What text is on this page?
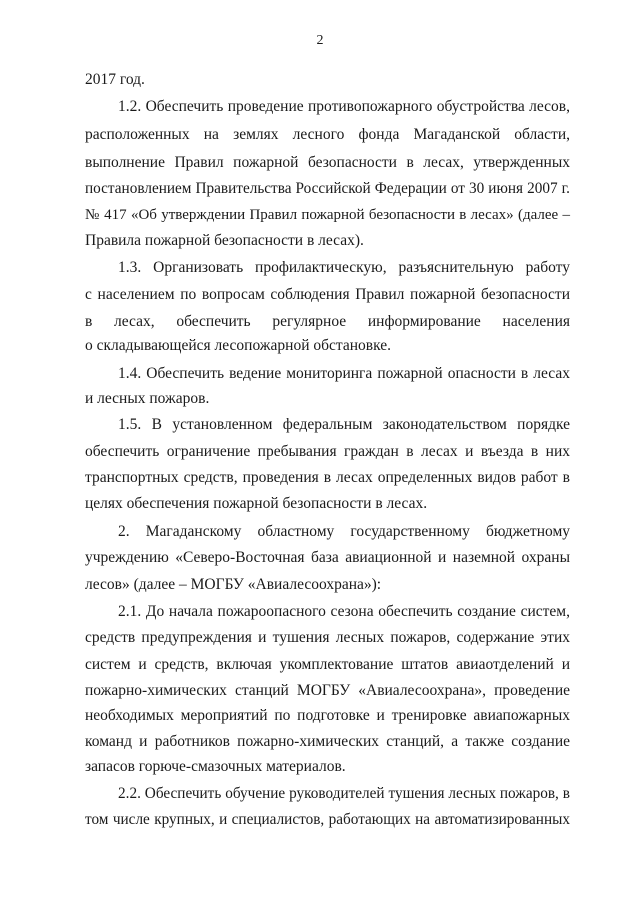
2
2017 год.
1.2. Обеспечить проведение противопожарного обустройства лесов,
расположенных на землях лесного фонда Магаданской области,
выполнение Правил пожарной безопасности в лесах, утвержденных
постановлением Правительства Российской Федерации от 30 июня 2007 г.
№ 417 «Об утверждении Правил пожарной безопасности в лесах» (далее –
Правила пожарной безопасности в лесах).
1.3. Организовать профилактическую, разъяснительную работу
с населением по вопросам соблюдения Правил пожарной безопасности
в лесах, обеспечить регулярное информирование населения
о складывающейся лесопожарной обстановке.
1.4. Обеспечить ведение мониторинга пожарной опасности в лесах
и лесных пожаров.
1.5. В установленном федеральным законодательством порядке
обеспечить ограничение пребывания граждан в лесах и въезда в них
транспортных средств, проведения в лесах определенных видов работ в
целях обеспечения пожарной безопасности в лесах.
2. Магаданскому областному государственному бюджетному
учреждению «Северо-Восточная база авиационной и наземной охраны
лесов» (далее – МОГБУ «Авиалесоохрана»):
2.1. До начала пожароопасного сезона обеспечить создание систем,
средств предупреждения и тушения лесных пожаров, содержание этих
систем и средств, включая укомплектование штатов авиаотделений и
пожарно-химических станций МОГБУ «Авиалесоохрана», проведение
необходимых мероприятий по подготовке и тренировке авиапожарных
команд и работников пожарно-химических станций, а также создание
запасов горюче-смазочных материалов.
2.2. Обеспечить обучение руководителей тушения лесных пожаров, в
том числе крупных, и специалистов, работающих на автоматизированных
